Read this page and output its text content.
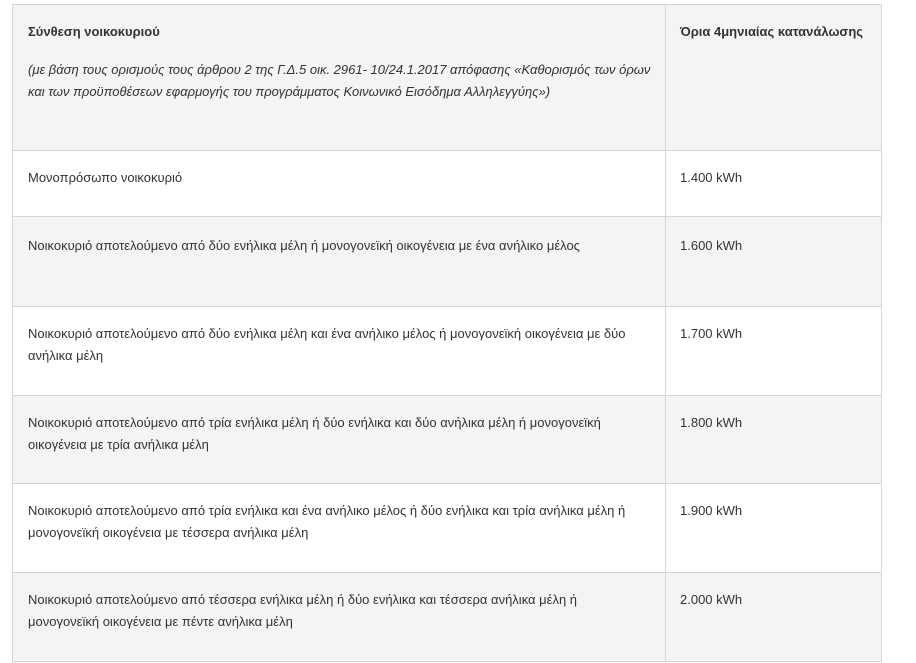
Σύνθεση νοικοκυριού
(με βάση τους ορισμούς τους άρθρου 2 της Γ.Δ.5 οικ. 2961- 10/24.1.2017 απόφασης «Καθορισμός των όρων και των προϋποθέσεων εφαρμογής του προγράμματος Κοινωνικό Εισόδημα Αλληλεγγύης»)	Όρια 4μηνιαίας κατανάλωσης

Μονοπρόσωπο νοικοκυριό	1.400 kWh
Νοικοκυριό αποτελούμενο από δύο ενήλικα μέλη ή μονογονεϊκή οικογένεια με ένα ανήλικο μέλος	1.600 kWh
Νοικοκυριό αποτελούμενο από δύο ενήλικα μέλη και ένα ανήλικο μέλος ή μονογονεϊκή οικογένεια με δύο ανήλικα μέλη	1.700 kWh
Νοικοκυριό αποτελούμενο από τρία ενήλικα μέλη ή δύο ενήλικα και δύο ανήλικα μέλη ή μονογονεϊκή οικογένεια με τρία ανήλικα μέλη	1.800 kWh
Νοικοκυριό αποτελούμενο από τρία ενήλικα και ένα ανήλικο μέλος ή δύο ενήλικα και τρία ανήλικα μέλη ή μονογονεϊκή οικογένεια με τέσσερα ανήλικα μέλη	1.900 kWh
Νοικοκυριό αποτελούμενο από τέσσερα ενήλικα μέλη ή δύο ενήλικα και τέσσερα ανήλικα μέλη ή μονογονεϊκή οικογένεια με πέντε ανήλικα μέλη	2.000 kWh
